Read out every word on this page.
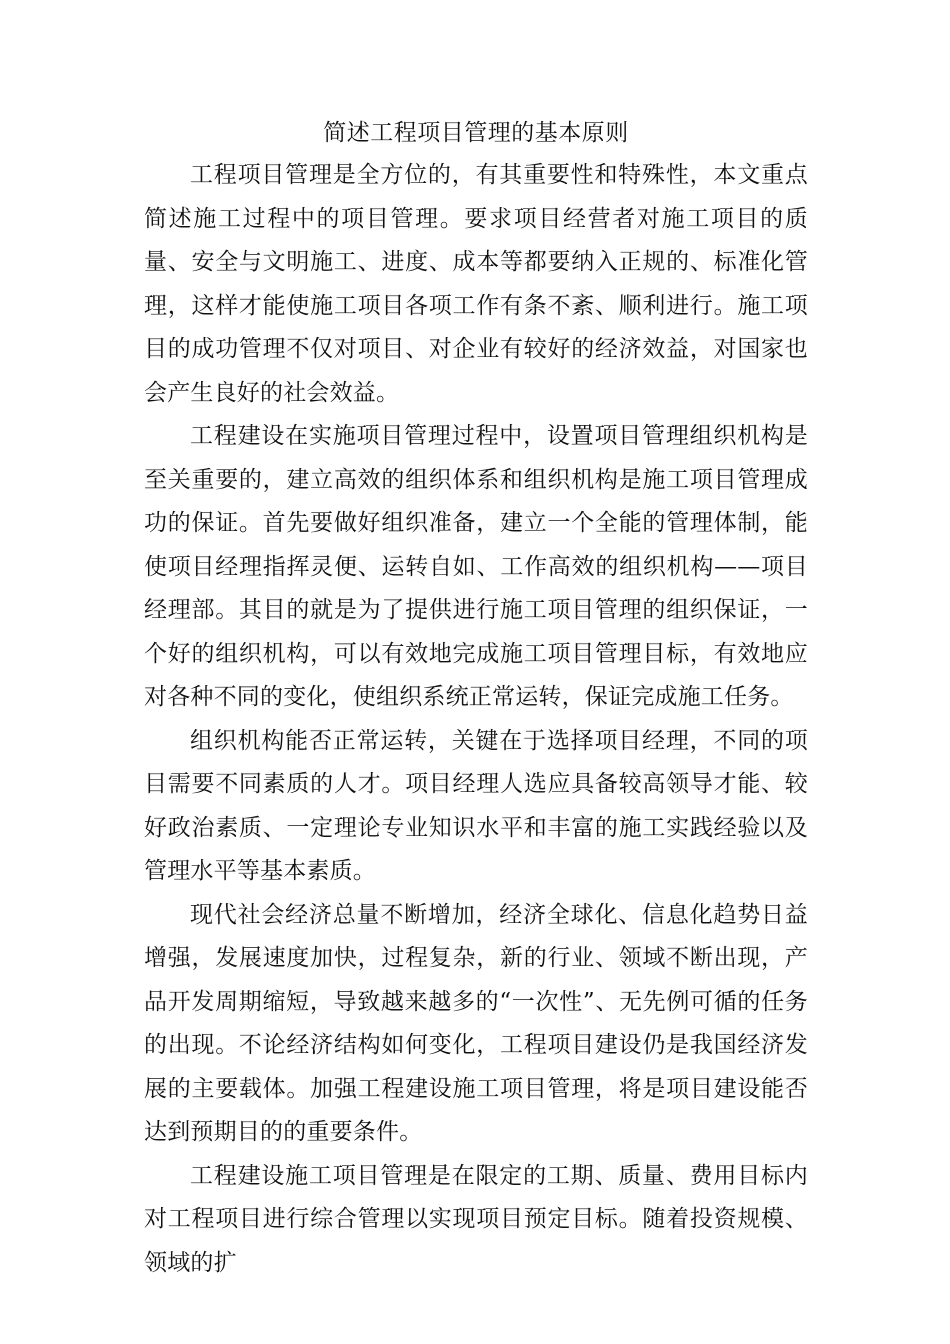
简述工程项目管理的基本原则

工程项目管理是全方位的，有其重要性和特殊性，本文重点简述施工过程中的项目管理。要求项目经营者对施工项目的质量、安全与文明施工、进度、成本等都要纳入正规的、标准化管理，这样才能使施工项目各项工作有条不紊、顺利进行。施工项目的成功管理不仅对项目、对企业有较好的经济效益，对国家也会产生良好的社会效益。

工程建设在实施项目管理过程中，设置项目管理组织机构是至关重要的，建立高效的组织体系和组织机构是施工项目管理成功的保证。首先要做好组织准备，建立一个全能的管理体制，能使项目经理指挥灵便、运转自如、工作高效的组织机构——项目经理部。其目的就是为了提供进行施工项目管理的组织保证，一个好的组织机构，可以有效地完成施工项目管理目标，有效地应对各种不同的变化，使组织系统正常运转，保证完成施工任务。

组织机构能否正常运转，关键在于选择项目经理，不同的项目需要不同素质的人才。项目经理人选应具备较高领导才能、较好政治素质、一定理论专业知识水平和丰富的施工实践经验以及管理水平等基本素质。

现代社会经济总量不断增加，经济全球化、信息化趋势日益增强，发展速度加快，过程复杂，新的行业、领域不断出现，产品开发周期缩短，导致越来越多的“一次性”、无先例可循的任务的出现。不论经济结构如何变化，工程项目建设仍是我国经济发展的主要载体。加强工程建设施工项目管理，将是项目建设能否达到预期目的的重要条件。

工程建设施工项目管理是在限定的工期、质量、费用目标内对工程项目进行综合管理以实现项目预定目标。随着投资规模、领域的扩
